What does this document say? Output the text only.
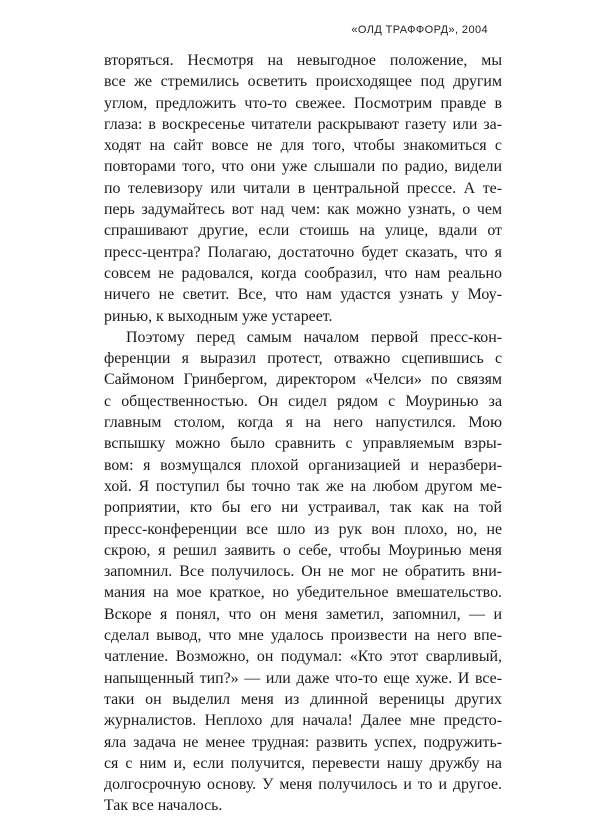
«ОЛД ТРАФФОРД», 2004
вторяться. Несмотря на невыгодное положение, мы
все же стремились осветить происходящее под другим
углом, предложить что-то свежее. Посмотрим правде в
глаза: в воскресенье читатели раскрывают газету или за-
ходят на сайт вовсе не для того, чтобы знакомиться с
повторами того, что они уже слышали по радио, видели
по телевизору или читали в центральной прессе. А те-
перь задумайтесь вот над чем: как можно узнать, о чем
спрашивают другие, если стоишь на улице, вдали от
пресс-центра? Полагаю, достаточно будет сказать, что я
совсем не радовался, когда сообразил, что нам реально
ничего не светит. Все, что нам удастся узнать у Моу-
ринью, к выходным уже устареет.
Поэтому перед самым началом первой пресс-кон-
ференции я выразил протест, отважно сцепившись с
Саймоном Гринбергом, директором «Челси» по связям
с общественностью. Он сидел рядом с Моуринью за
главным столом, когда я на него напустился. Мою
вспышку можно было сравнить с управляемым взры-
вом: я возмущался плохой организацией и неразбери-
хой. Я поступил бы точно так же на любом другом ме-
роприятии, кто бы его ни устраивал, так как на той
пресс-конференции все шло из рук вон плохо, но, не
скрою, я решил заявить о себе, чтобы Моуринью меня
запомнил. Все получилось. Он не мог не обратить вни-
мания на мое краткое, но убедительное вмешательство.
Вскоре я понял, что он меня заметил, запомнил, — и
сделал вывод, что мне удалось произвести на него впе-
чатление. Возможно, он подумал: «Кто этот сварливый,
напыщенный тип?» — или даже что-то еще хуже. И все-
таки он выделил меня из длинной вереницы других
журналистов. Неплохо для начала! Далее мне предсто-
яла задача не менее трудная: развить успех, подружить-
ся с ним и, если получится, перевести нашу дружбу на
долгосрочную основу. У меня получилось и то и другое.
Так все началось.
